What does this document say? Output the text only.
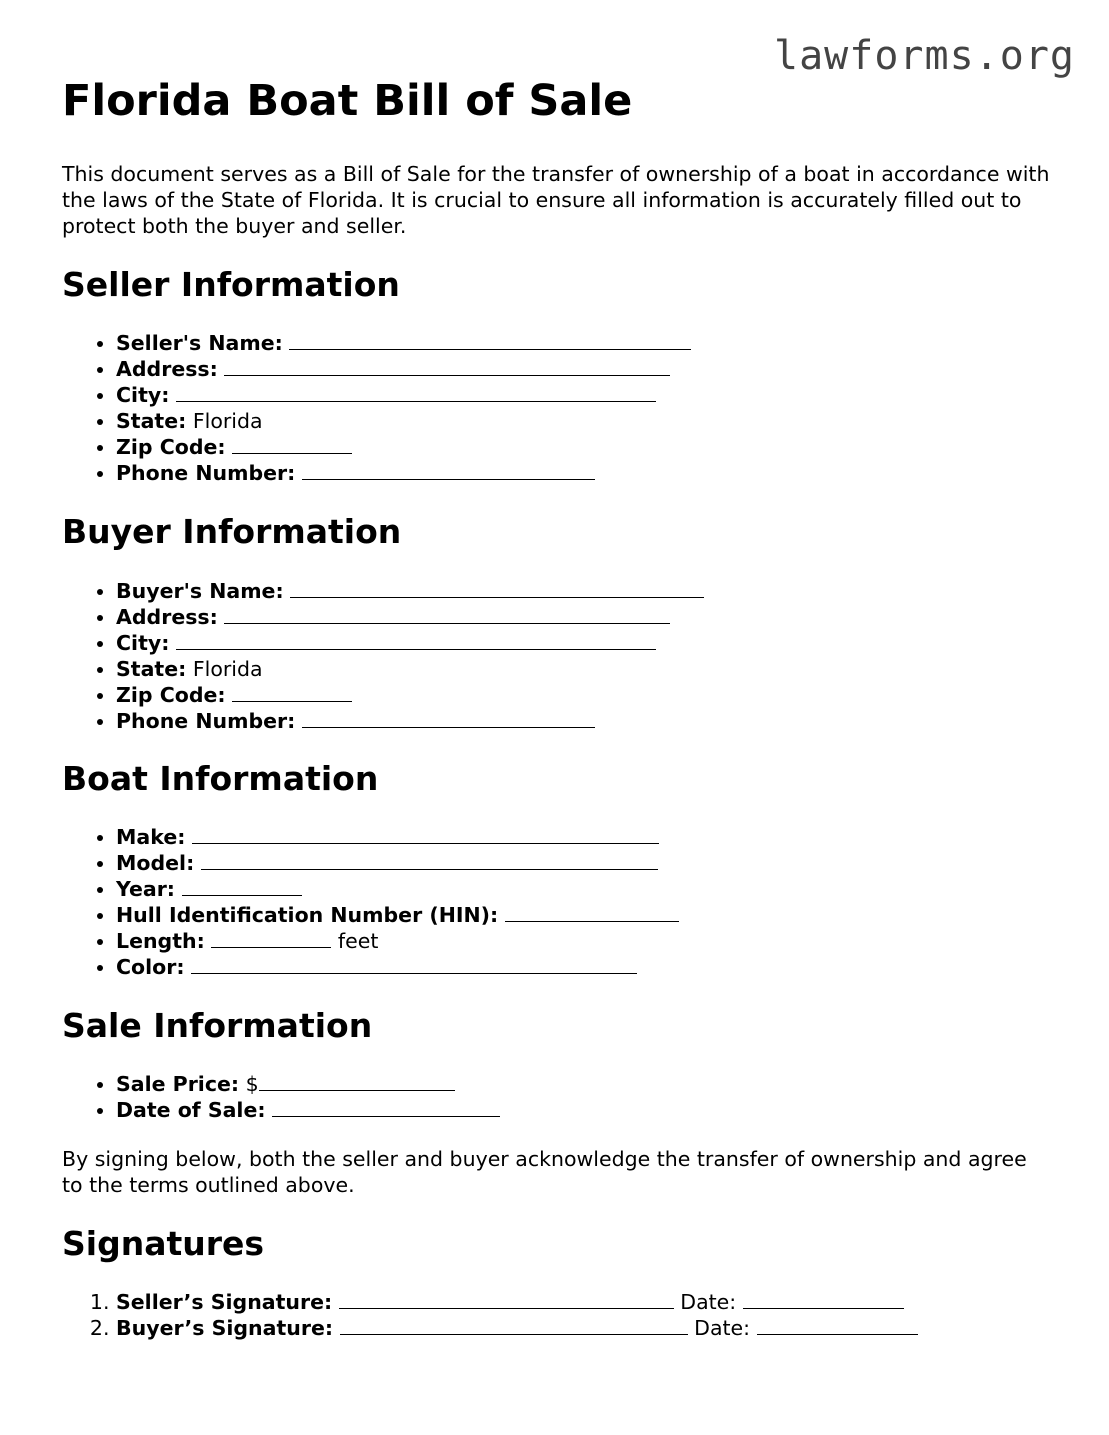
lawforms.org
Florida Boat Bill of Sale

This document serves as a Bill of Sale for the transfer of ownership of a boat in accordance with the laws of the State of Florida. It is crucial to ensure all information is accurately filled out to protect both the buyer and seller.

Seller Information
• Seller's Name:
• Address:
• City:
• State: Florida
• Zip Code:
• Phone Number:
Buyer Information
• Buyer's Name:
• Address:
• City:
• State: Florida
• Zip Code:
• Phone Number:
Boat Information
• Make:
• Model:
• Year:
• Hull Identification Number (HIN):
• Length:	feet
• Color:
Sale Information
• Sale Price: $
• Date of Sale:

By signing below, both the seller and buyer acknowledge the transfer of ownership and agree to the terms outlined above.

Signatures
1. Seller’s Signature:	Date:
2. Buyer’s Signature:	Date:
